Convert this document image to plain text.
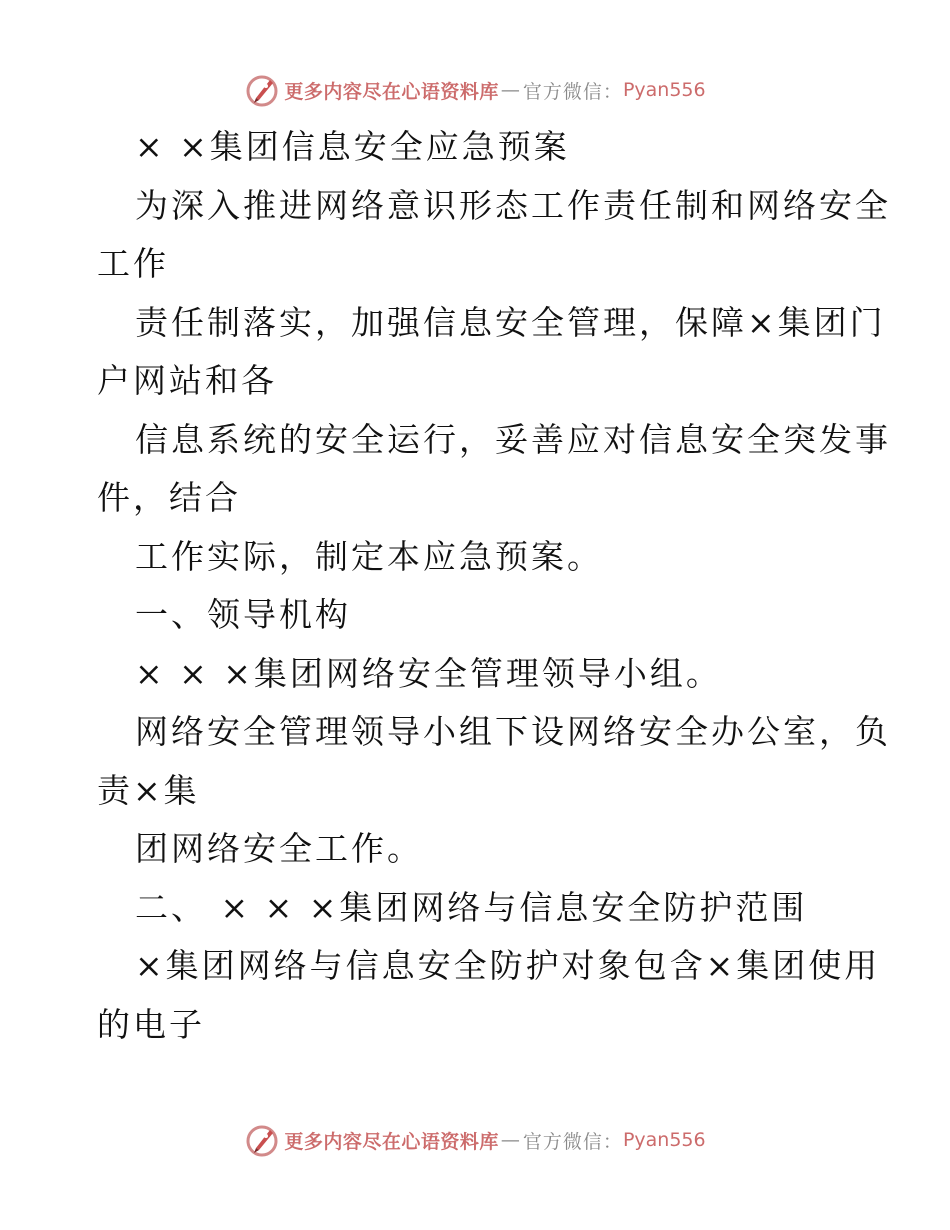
更多内容尽在心语资料库 — 官方微信： Pyan556

× ×集团信息安全应急预案

为深入推进网络意识形态工作责任制和网络安全

工作

责任制落实，加强信息安全管理，保障×集团门

户网站和各

信息系统的安全运行，妥善应对信息安全突发事

件，结合

工作实际，制定本应急预案。

一、领导机构

× × ×集团网络安全管理领导小组。

网络安全管理领导小组下设网络安全办公室，负

责×集

团网络安全工作。

二、 × × ×集团网络与信息安全防护范围

×集团网络与信息安全防护对象包含×集团使用

的电子

更多内容尽在心语资料库 — 官方微信： Pyan556
